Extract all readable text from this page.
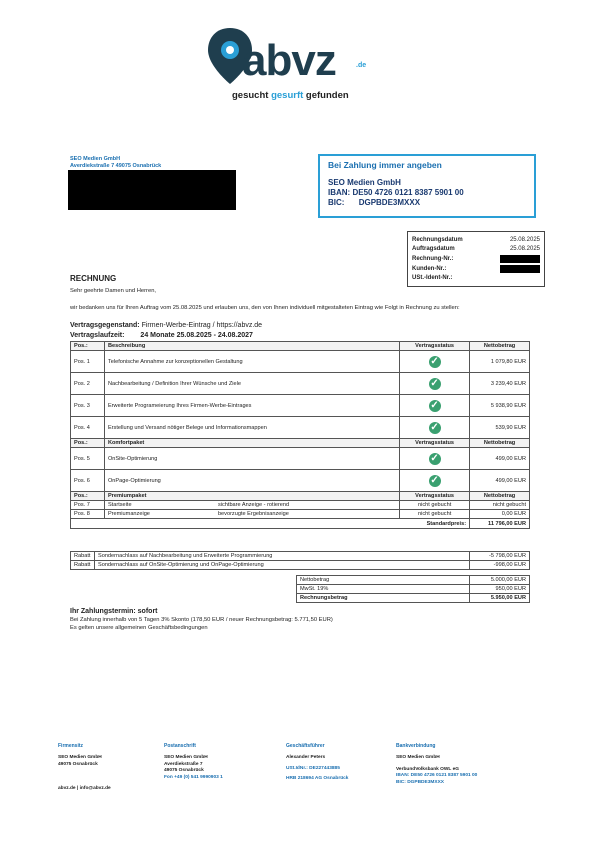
abvz	.de
gesucht gesurft gefunden
SEO Medien GmbH
Averdiekstraße 7 49075 Osnabrück	Bei Zahlung immer angeben
SEO Medien GmbH
IBAN: DE50 4726 0121 8387 5901 00
BIC: DGPBDE3MXXX
Rechnungsdatum	25.08.2025
Auftragsdatum	25.08.2025
Rechnung-Nr.:
Kunden-Nr.:
USt.-Ident-Nr.:
RECHNUNG
Sehr geehrte Damen und Herren,
wir bedanken uns für Ihren Auftrag vom 25.08.2025 und erlauben uns, den von Ihnen individuell mitgestalteten Eintrag wie Folgt in Rechnung zu stellen:
Vertragsgegenstand: Firmen-Werbe-Eintrag / https://abvz.de
Vertragslaufzeit: 24 Monate 25.08.2025 - 24.08.2027
Pos.:	Beschreibung	Vertragsstatus	Nettobetrag
Pos. 1	Telefonische Annahme zur konzeptionellen Gestaltung	✓	1 079,80 EUR
Pos. 2	Nachbearbeitung / Definition Ihrer Wünsche und Ziele	✓	3 239,40 EUR
Pos. 3	Erweiterte Programeierung Ihres Firmen-Werbe-Eintrages	✓	5 938,90 EUR
Pos. 4	Erstellung und Versand nötiger Belege und Informationsmappen	✓	539,90 EUR
Pos.:	Komfortpaket	Vertragsstatus	Nettobetrag
Pos. 5	OnSite-Optimierung	✓	499,00 EUR
Pos. 6	OnPage-Optimierung	✓	499,00 EUR
Pos.:	Premiumpaket	Vertragsstatus	Nettobetrag
Pos. 7	Startseite sichtbare Anzeige - rotierend	nicht gebucht	nicht gebucht
Pos. 8	Premiumanzeige bevorzugte Ergebnisanzeige	nicht gebucht	0,00 EUR
Standardpreis:			11 796,00 EUR
Rabatt	Sondernachlass auf Nachbearbeitung und Erweiterte Programmierung	-5 798,00 EUR
Rabatt	Sondernachlass auf OnSite-Optimierung und OnPage-Optimierung	-998,00 EUR
Nettobetrag	5.000,00 EUR
MwSt. 19%	950,00 EUR
Rechnungsbetrag	5.950,00 EUR
Ihr Zahlungstermin: sofort
Bei Zahlung innerhalb von 5 Tagen 3% Skonto (178,50 EUR / neuer Rechnungsbetrag: 5.771,50 EUR)
Es gelten unsere allgemeinen Geschäftsbedingungen
Firmensitz
SEO Medien GmbH
49075 Osnabrück
abvz.de | info@abvz.de
Postanschrift
SEO Medien GmbH
Averdiekstraße 7
49075 Osnabrück
Fon +49 (0) 541 9990903 1
Geschäftsführer
Alexander Peters
USt.IdNr.: DE227443885
HRB 218694 AG Osnabrück
Bankverbindung
SEO Medien GmbH
VerbundVolksbank OWL eG
IBAN: DE50 4726 0121 8387 5901 00
BIC: DGPBDE3MXXX
